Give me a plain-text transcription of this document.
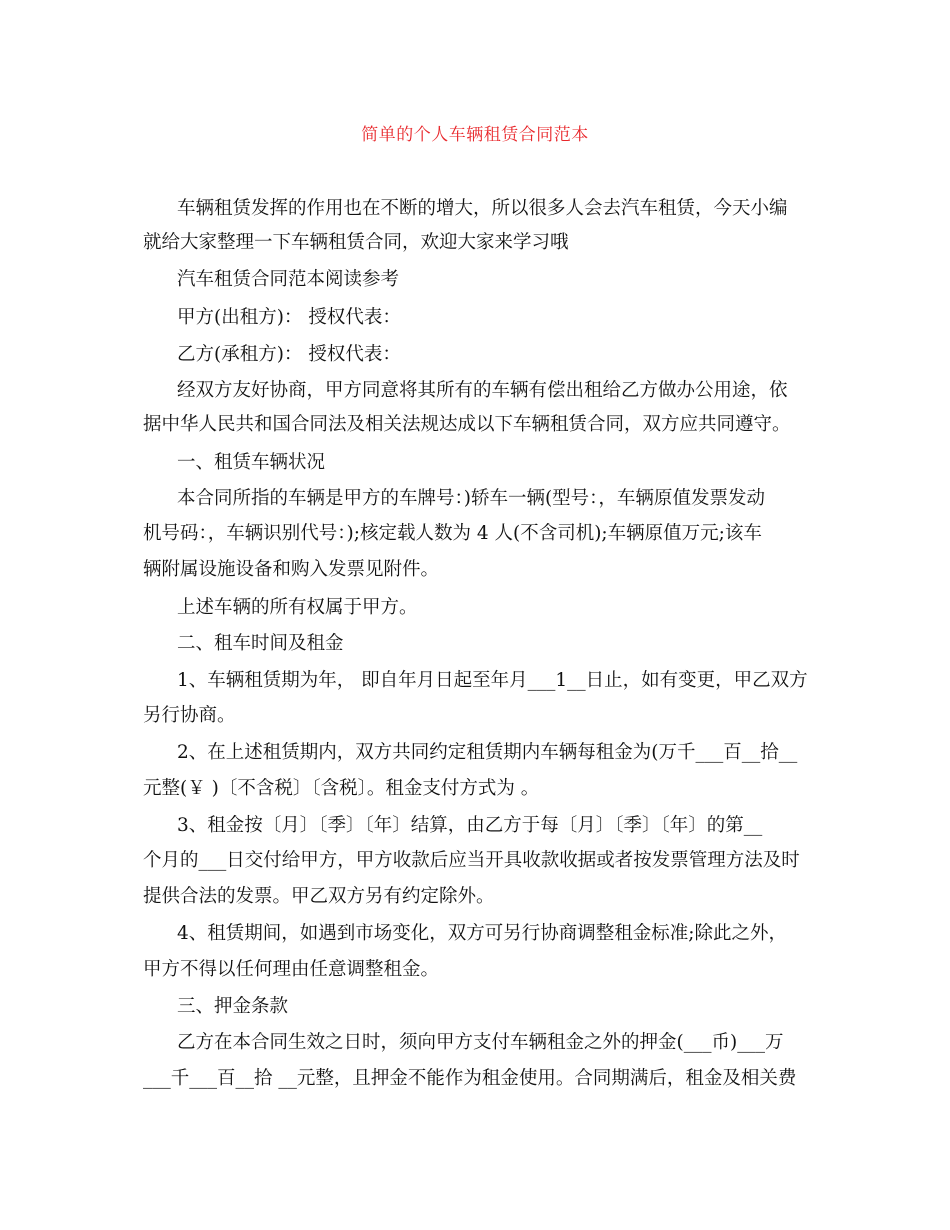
简单的个人车辆租赁合同范本
车辆租赁发挥的作用也在不断的增大，所以很多人会去汽车租赁，今天小编
就给大家整理一下车辆租赁合同，欢迎大家来学习哦
汽车租赁合同范本阅读参考
甲方(出租方)： 授权代表：
乙方(承租方)： 授权代表：
经双方友好协商，甲方同意将其所有的车辆有偿出租给乙方做办公用途，依
据中华人民共和国合同法及相关法规达成以下车辆租赁合同，双方应共同遵守。
一、租赁车辆状况
本合同所指的车辆是甲方的车牌号：)轿车一辆(型号：，车辆原值发票发动
机号码：，车辆识别代号：);核定载人数为 4 人(不含司机);车辆原值万元;该车
辆附属设施设备和购入发票见附件。
上述车辆的所有权属于甲方。
二、租车时间及租金
1、车辆租赁期为年， 即自年月日起至年月___1__日止，如有变更，甲乙双方
另行协商。
2、在上述租赁期内，双方共同约定租赁期内车辆每租金为(万千___百__拾__
元整(￥ )〔不含税〕〔含税〕。租金支付方式为 。
3、租金按〔月〕〔季〕〔年〕结算，由乙方于每〔月〕〔季〕〔年〕的第__
个月的___日交付给甲方，甲方收款后应当开具收款收据或者按发票管理方法及时
提供合法的发票。甲乙双方另有约定除外。
4、租赁期间，如遇到市场变化，双方可另行协商调整租金标准;除此之外，
甲方不得以任何理由任意调整租金。
三、押金条款
乙方在本合同生效之日时，须向甲方支付车辆租金之外的押金(___币)___万
___千___百__拾 __元整，且押金不能作为租金使用。合同期满后，租金及相关费
